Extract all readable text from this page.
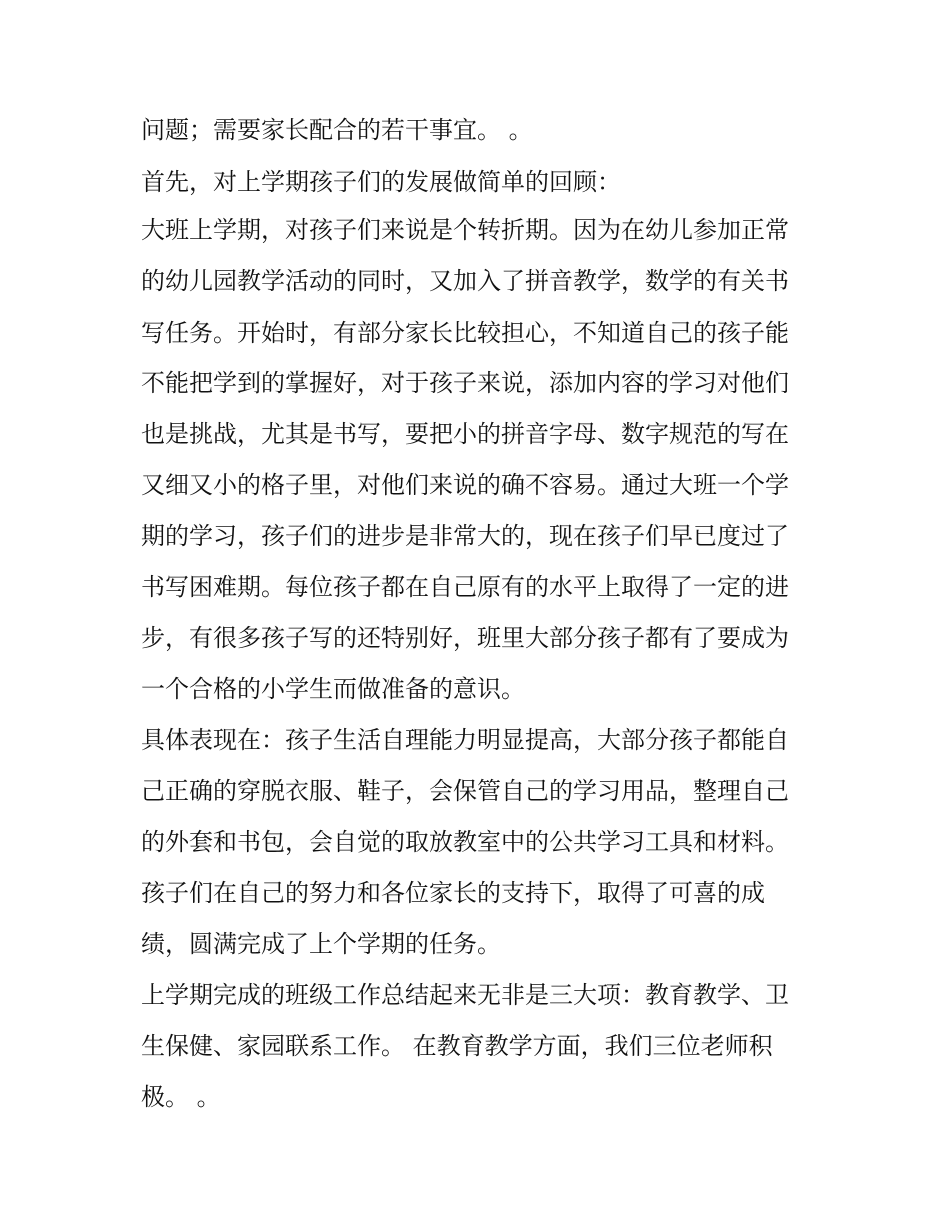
问题；需要家长配合的若干事宜。 。

首先，对上学期孩子们的发展做简单的回顾：

大班上学期，对孩子们来说是个转折期。因为在幼儿参加正常

的幼儿园教学活动的同时，又加入了拼音教学，数学的有关书

写任务。开始时，有部分家长比较担心，不知道自己的孩子能

不能把学到的掌握好，对于孩子来说，添加内容的学习对他们

也是挑战，尤其是书写，要把小的拼音字母、数字规范的写在

又细又小的格子里，对他们来说的确不容易。通过大班一个学

期的学习，孩子们的进步是非常大的，现在孩子们早已度过了

书写困难期。每位孩子都在自己原有的水平上取得了一定的进

步，有很多孩子写的还特别好，班里大部分孩子都有了要成为

一个合格的小学生而做准备的意识。

具体表现在：孩子生活自理能力明显提高，大部分孩子都能自

己正确的穿脱衣服、鞋子，会保管自己的学习用品，整理自己

的外套和书包，会自觉的取放教室中的公共学习工具和材料。

孩子们在自己的努力和各位家长的支持下，取得了可喜的成

绩，圆满完成了上个学期的任务。

上学期完成的班级工作总结起来无非是三大项：教育教学、卫

生保健、家园联系工作。 在教育教学方面，我们三位老师积

极。 。
